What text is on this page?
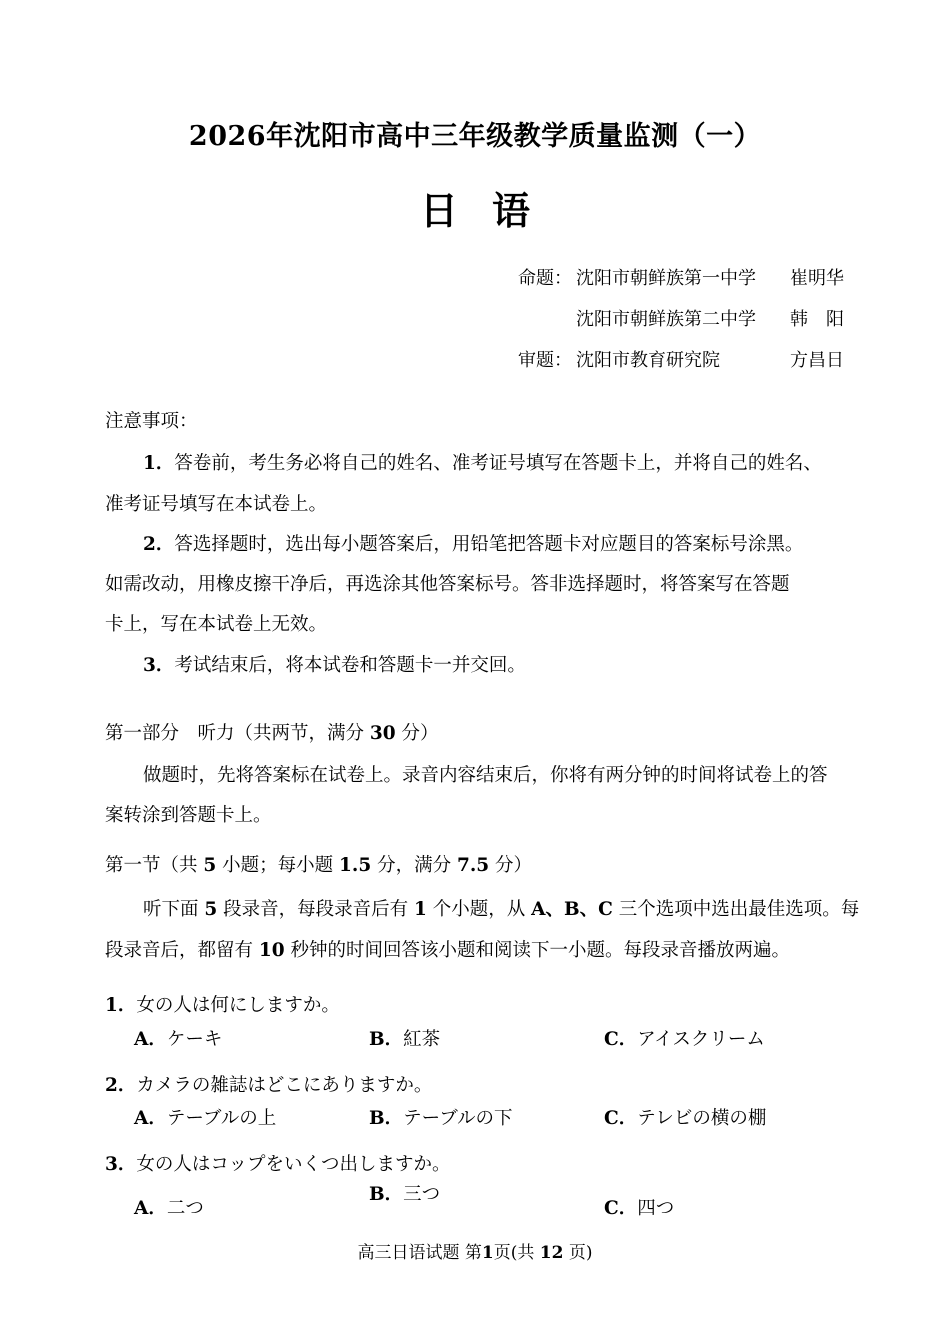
2026年沈阳市高中三年级教学质量监测（一）
日语
命题： 沈阳市朝鲜族第一中学 崔明华
沈阳市朝鲜族第二中学 韩　阳
审题： 沈阳市教育研究院	方昌日
注意事项：
1．答卷前，考生务必将自己的姓名、准考证号填写在答题卡上，并将自己的姓名、
准考证号填写在本试卷上。
2．答选择题时，选出每小题答案后，用铅笔把答题卡对应题目的答案标号涂黑。
如需改动，用橡皮擦干净后，再选涂其他答案标号。答非选择题时，将答案写在答题
卡上，写在本试卷上无效。
3．考试结束后，将本试卷和答题卡一并交回。
第一部分　听力（共两节，满分 30 分）
做题时，先将答案标在试卷上。录音内容结束后，你将有两分钟的时间将试卷上的答
案转涂到答题卡上。
第一节（共 5 小题；每小题 1.5 分，满分 7.5 分）
听下面 5 段录音，每段录音后有 1 个小题，从 A、B、C 三个选项中选出最佳选项。每
段录音后，都留有 10 秒钟的时间回答该小题和阅读下一小题。每段录音播放两遍。
1．女の人は何にしますか。
A．ケーキ	B．紅茶	C．アイスクリーム
2．カメラの雑誌はどこにありますか。
A．テーブルの上	B．テーブルの下	C．テレビの横の棚
3．女の人はコップをいくつ出しますか。
A．二つ
B．三つ
C．四つ
高三日语试题 第1页(共 12 页)
